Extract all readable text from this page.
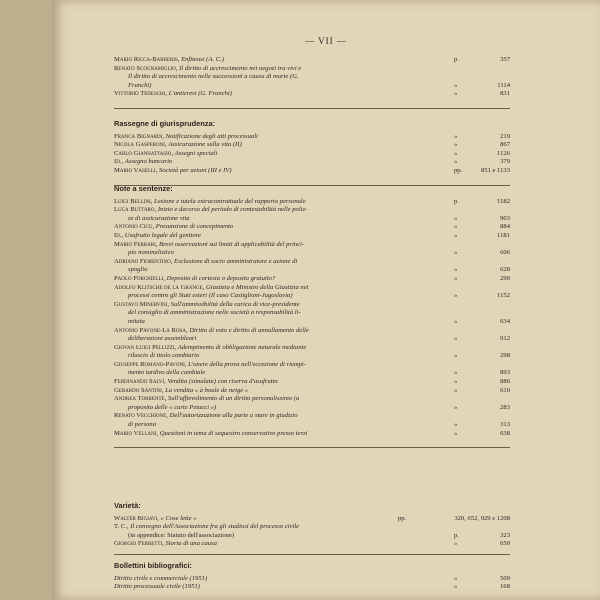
— VII —
Mario Ricca-Barberis, Enfiteusi (A. C.)	p.	357
Renato Scognamiglio, Il diritto di accrescimento nei negozi tra vivi e
Il diritto di accrescimento nelle successioni a causa di morte (G.
Franchi)	»	1114
Vittorio Tedeschi, L'anticresi (G. Franchi)	»	831
Rassegne di giurisprudenza:
Franca Bignardi, Notificazione degli atti processuali	»	219
Nicola Gasperoni, Assicurazione sulla vita (II)	»	867
Carlo Giannattasio, Assegni speciali	»	1126
Id., Assegno bancario	»	379
Mario Vaselli, Società per azioni (III e IV)	pp.	851 e 1133
Note a sentenze:
Luigi Bellini, Lesione e tutela extracontrattuale del rapporto personale	p.	1182
Luca Buttaro, Inizio e decorso del periodo di contestabilità nelle poliz-
ze di assicurazione vita	»	903
Antonio Cicu, Presunzione di concepimento	»	884
Id., Usufrutto legale del genitore	»	1181
Mario Ferrari, Brevi osservazioni sui limiti di applicabilità del princi-
pio nominalistico	»	606
Adriano Fiorentino, Esclusione di socio amministratore e azione di
spoglio	»	628
Paolo Forchielli, Deposito di cortesia o deposito gratuito?	»	290
Adolfo Klitsche de la Grange, Giustizia e Ministro della Giustizia nei
processi contro gli Stati esteri (Il caso Castiglioni-Jugoslavia)	»	1152
Gustavo Minervini, Sull'ammissibilità della carica di vice-presidente
del consiglio di amministrazione nelle società a responsabilità li-
mitata	»	634
Antonio Pavone-La Rosa, Diritto di voto e diritto di annullamento delle
deliberazioni assembleari	»	912
Giovan Luigi Pellizzi, Adempimento di obbligazione naturale mediante
rilascio di titolo cambiario	»	298
Giuseppe Romano-Pavoni, L'onere della prova nell'eccezione di riempi-
mento tardivo della cambiale	»	893
Ferdinando Salvi, Vendita (simulata) con riserva d'usufrutto	»	886
Gerardo Santini, La vendita « à boule de neige »	»	610
Andrea Torrente, Sull'affievolimento di un diritto personalissimo (a
proposito delle « carte Petacci »)	»	283
Renato Vecchione, Dell'autorizzazione alla parte a stare in giudizio
di persona	»	313
Mario Vellani, Questioni in tema di sequestro conservativo presso terzi	»	638
Varietà:
Walter Bigiavi, « Cose lette »	pp.	320, 652, 929 e 1208
T. C., Il convegno dell'Associazione fra gli studiosi del processo civile
(in appendice: Statuto dell'associazione)	p.	323
Giorgio Ferretti, Storia di una causa	»	650
Bollettini bibliografici:
Diritto civile e commerciale (1951)	»	509
Diritto processuale civile (1951)	»	168
